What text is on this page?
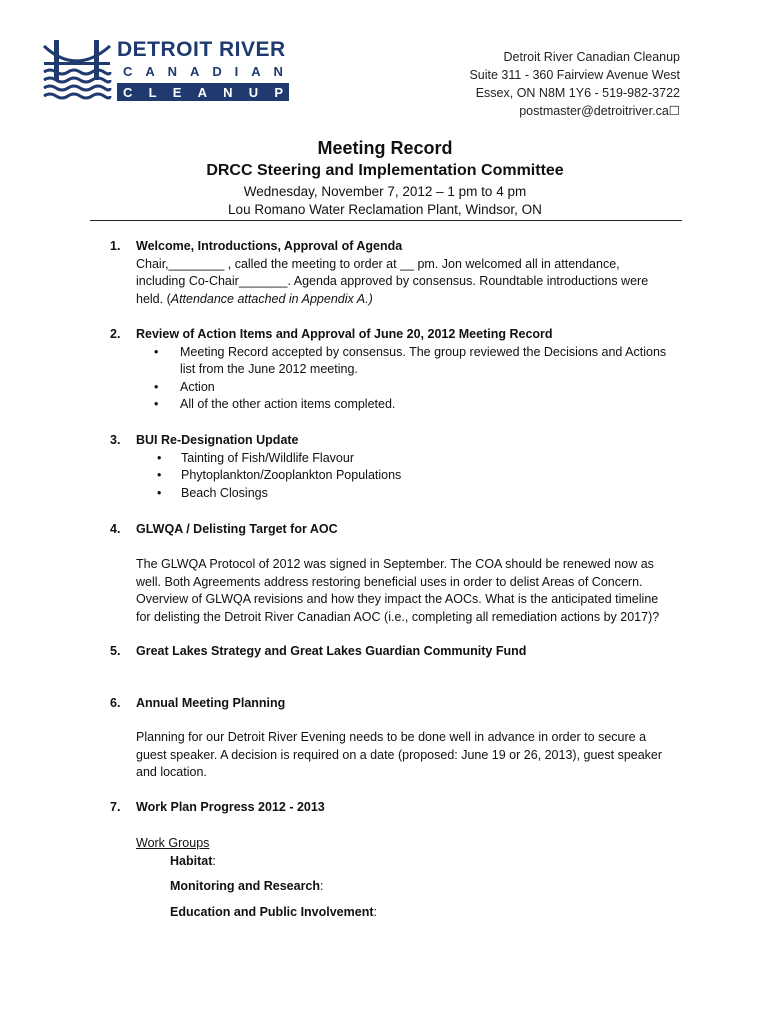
DETROIT RIVER
C A N A D I A N
C L E A N U P
Detroit River Canadian Cleanup
Suite 311 - 360 Fairview Avenue West
Essex, ON N8M 1Y6 - 519-982-3722
postmaster@detroitriver.ca☐
Meeting Record
DRCC Steering and Implementation Committee
Wednesday, November 7, 2012 – 1 pm to 4 pm
Lou Romano Water Reclamation Plant, Windsor, ON
1. Welcome, Introductions, Approval of Agenda
Chair,________ , called the meeting to order at __ pm. Jon welcomed all in attendance,
including Co-Chair_______. Agenda approved by consensus. Roundtable introductions were
held. (Attendance attached in Appendix A.)
2. Review of Action Items and Approval of June 20, 2012 Meeting Record
• Meeting Record accepted by consensus. The group reviewed the Decisions and Actions
list from the June 2012 meeting.
• Action
• All of the other action items completed.
3. BUI Re-Designation Update
• Tainting of Fish/Wildlife Flavour
• Phytoplankton/Zooplankton Populations
• Beach Closings
4. GLWQA / Delisting Target for AOC
The GLWQA Protocol of 2012 was signed in September. The COA should be renewed now as
well. Both Agreements address restoring beneficial uses in order to delist Areas of Concern.
Overview of GLWQA revisions and how they impact the AOCs. What is the anticipated timeline
for delisting the Detroit River Canadian AOC (i.e., completing all remediation actions by 2017)?
5. Great Lakes Strategy and Great Lakes Guardian Community Fund
6. Annual Meeting Planning
Planning for our Detroit River Evening needs to be done well in advance in order to secure a
guest speaker. A decision is required on a date (proposed: June 19 or 26, 2013), guest speaker
and location.
7. Work Plan Progress 2012 - 2013
Work Groups
Habitat:
Monitoring and Research:
Education and Public Involvement:
